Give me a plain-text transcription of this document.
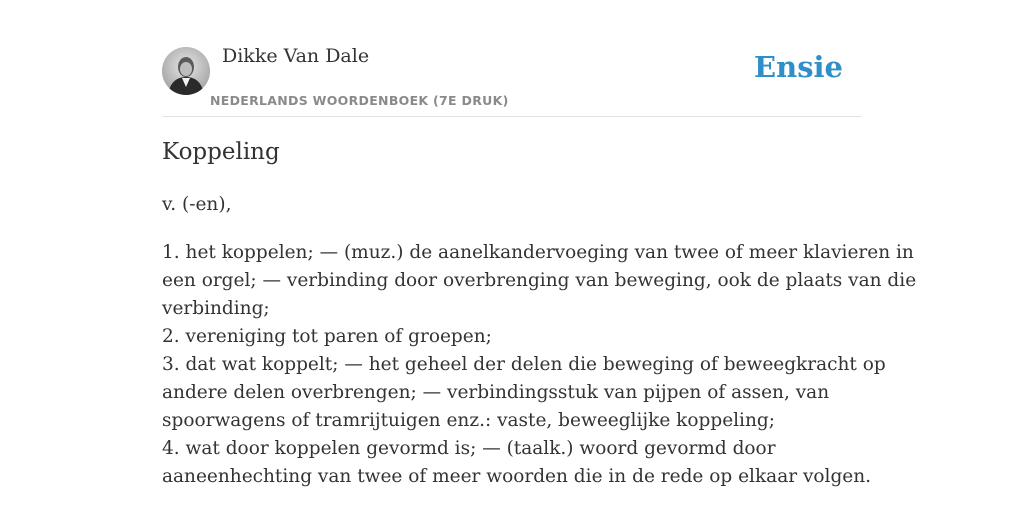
Dikke Van Dale
NEDERLANDS WOORDENBOEK (7E DRUK)
Ensie
Koppeling
v. (-en),
1. het koppelen; — (muz.) de aanelkandervoeging van twee of meer klavieren in
een orgel; — verbinding door overbrenging van beweging, ook de plaats van die
verbinding;
2. vereniging tot paren of groepen;
3. dat wat koppelt; — het geheel der delen die beweging of beweegkracht op
andere delen overbrengen; — verbindingsstuk van pijpen of assen, van
spoorwagens of tramrijtuigen enz.: vaste, beweeglijke koppeling;
4. wat door koppelen gevormd is; — (taalk.) woord gevormd door
aaneenhechting van twee of meer woorden die in de rede op elkaar volgen.
